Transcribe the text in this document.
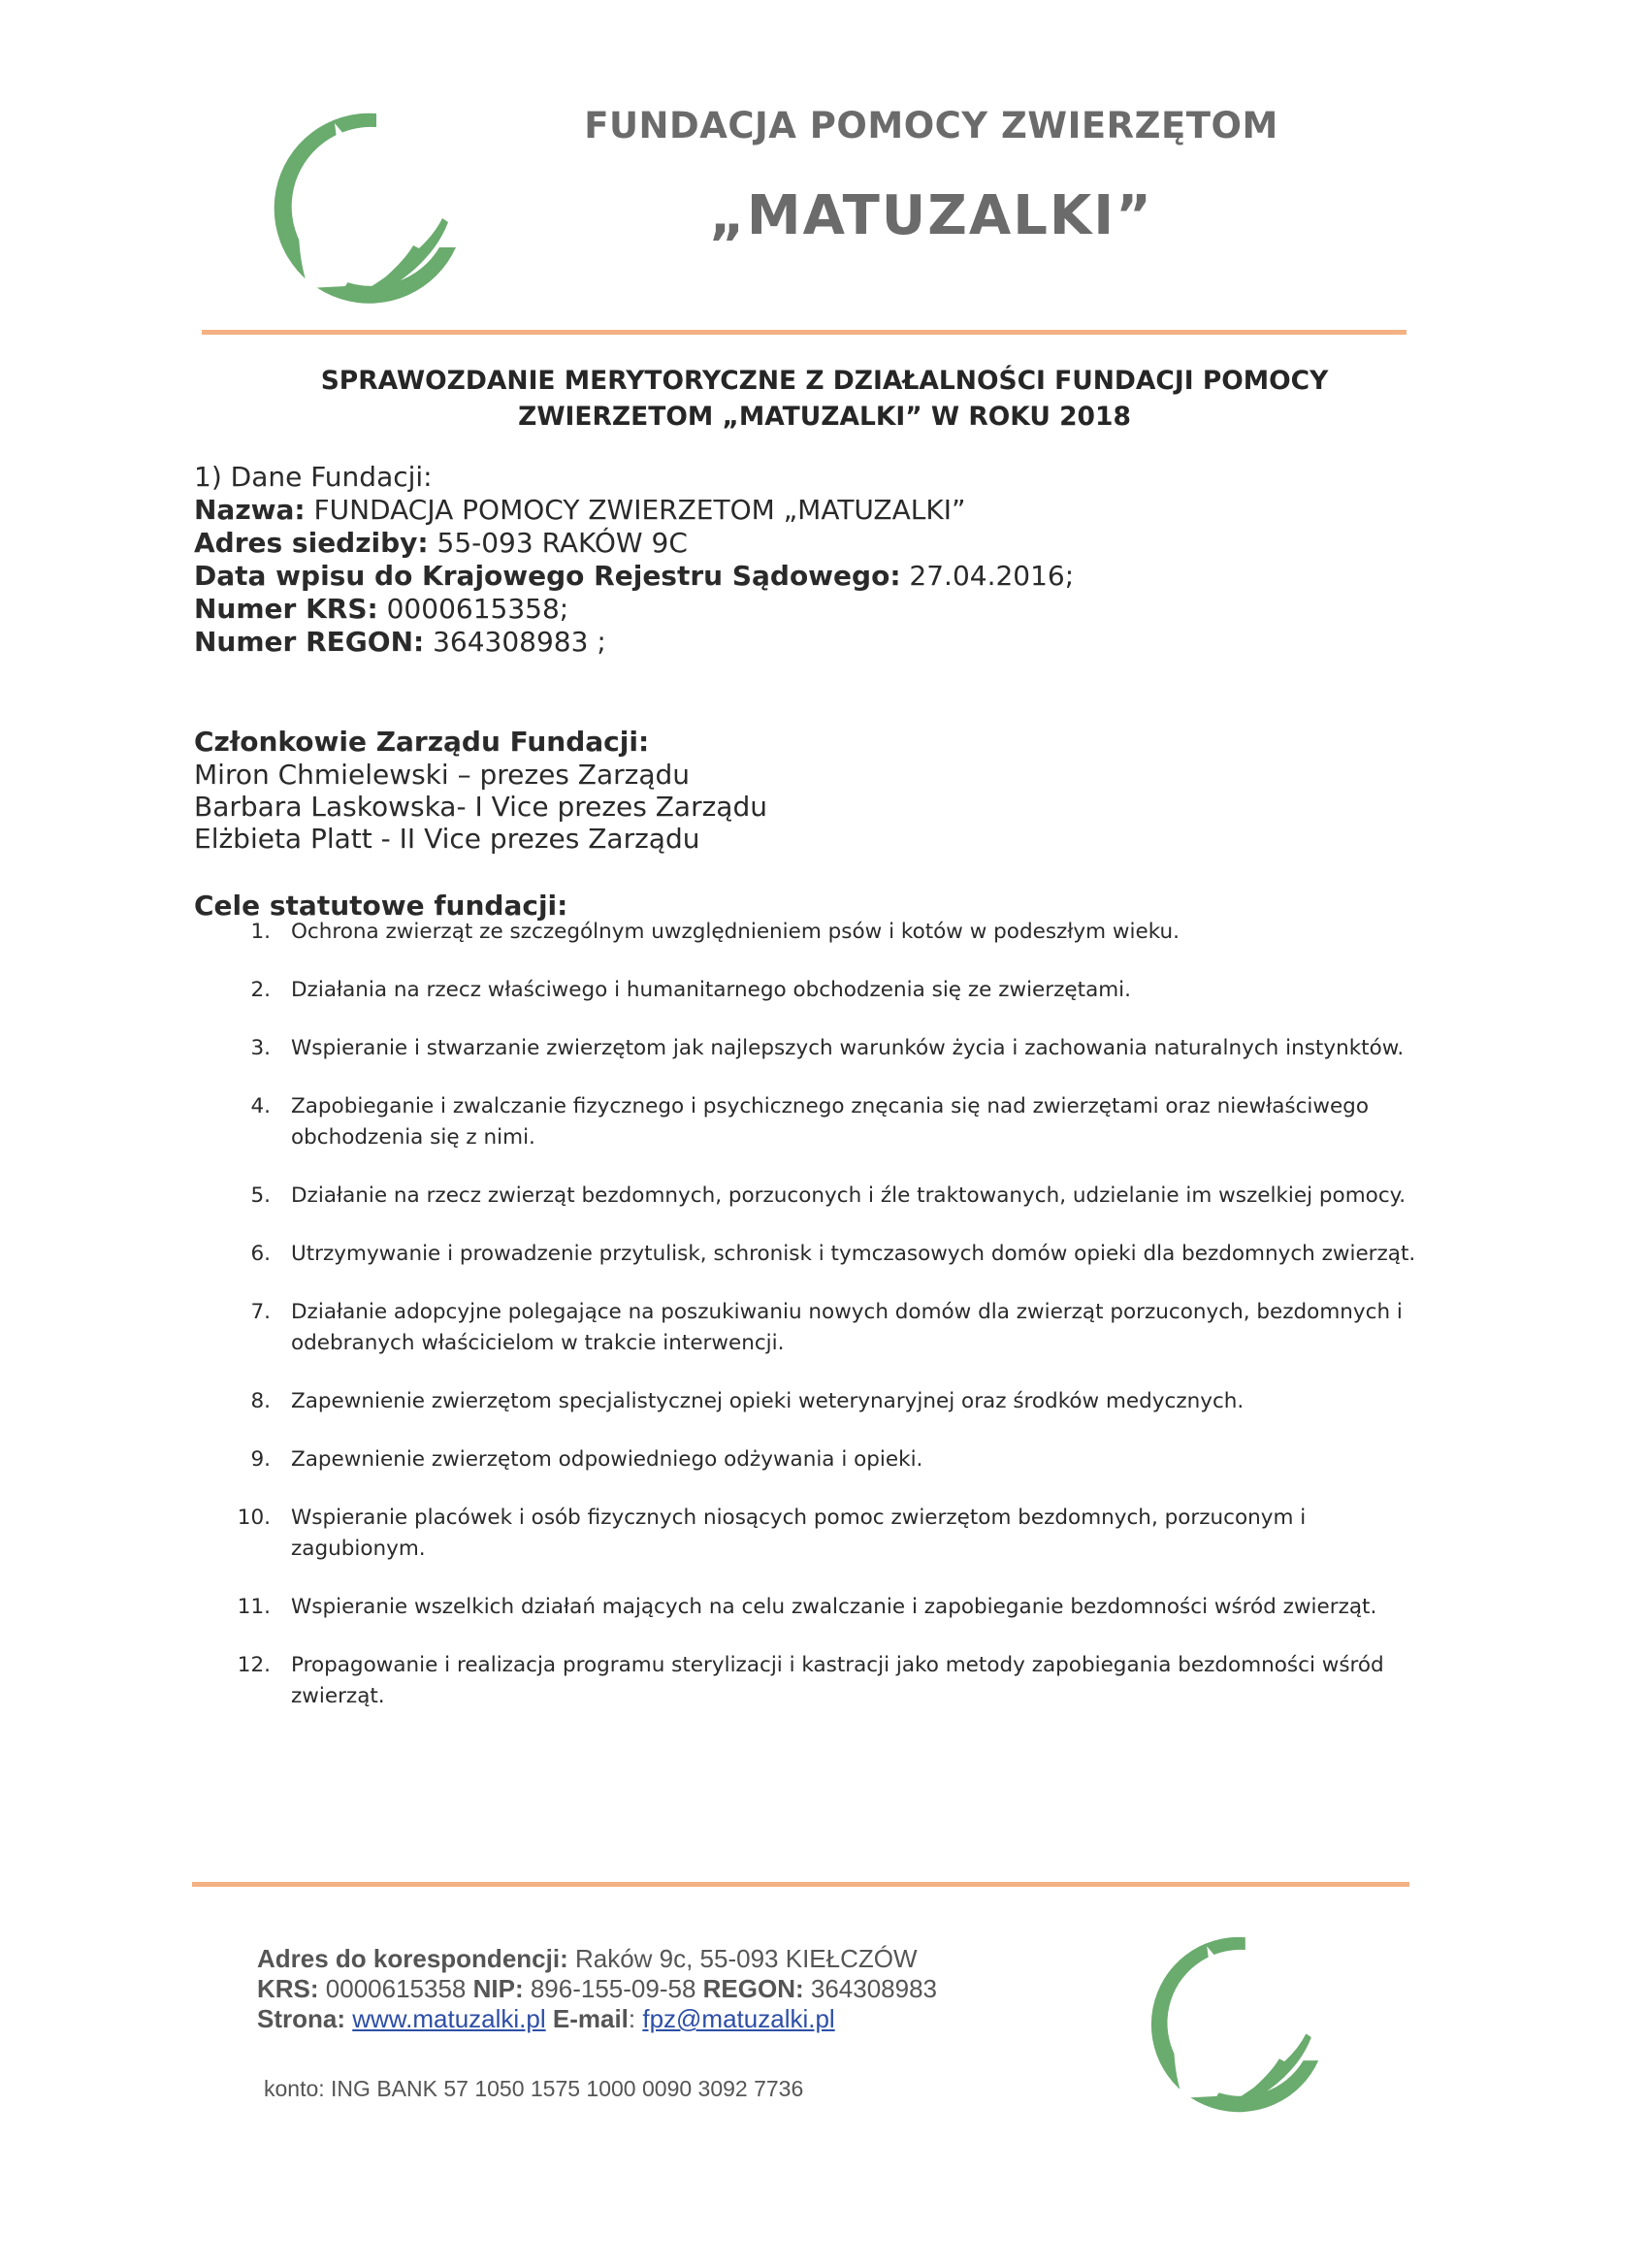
FUNDACJA POMOCY ZWIERZĘTOM
„MATUZALKI”
SPRAWOZDANIE MERYTORYCZNE Z DZIAŁALNOŚCI FUNDACJI POMOCY
ZWIERZETOM „MATUZALKI” W ROKU 2018
1) Dane Fundacji:
Nazwa: FUNDACJA POMOCY ZWIERZETOM „MATUZALKI”
Adres siedziby: 55-093 RAKÓW 9C
Data wpisu do Krajowego Rejestru Sądowego: 27.04.2016;
Numer KRS: 0000615358;
Numer REGON: 364308983 ;
Członkowie Zarządu Fundacji:
Miron Chmielewski – prezes Zarządu
Barbara Laskowska- I Vice prezes Zarządu
Elżbieta Platt - II Vice prezes Zarządu
Cele statutowe fundacji:
1. Ochrona zwierząt ze szczególnym uwzględnieniem psów i kotów w podeszłym wieku.
2. Działania na rzecz właściwego i humanitarnego obchodzenia się ze zwierzętami.
3. Wspieranie i stwarzanie zwierzętom jak najlepszych warunków życia i zachowania naturalnych instynktów.
4. Zapobieganie i zwalczanie fizycznego i psychicznego znęcania się nad zwierzętami oraz niewłaściwego obchodzenia się z nimi.
5. Działanie na rzecz zwierząt bezdomnych, porzuconych i źle traktowanych, udzielanie im wszelkiej pomocy.
6. Utrzymywanie i prowadzenie przytulisk, schronisk i tymczasowych domów opieki dla bezdomnych zwierząt.
7. Działanie adopcyjne polegające na poszukiwaniu nowych domów dla zwierząt porzuconych, bezdomnych i odebranych właścicielom w trakcie interwencji.
8. Zapewnienie zwierzętom specjalistycznej opieki weterynaryjnej oraz środków medycznych.
9. Zapewnienie zwierzętom odpowiedniego odżywania i opieki.
10. Wspieranie placówek i osób fizycznych niosących pomoc zwierzętom bezdomnych, porzuconym i zagubionym.
11. Wspieranie wszelkich działań mających na celu zwalczanie i zapobieganie bezdomności wśród zwierząt.
12. Propagowanie i realizacja programu sterylizacji i kastracji jako metody zapobiegania bezdomności wśród zwierząt.
Adres do korespondencji: Raków 9c, 55-093 KIEŁCZÓW
KRS: 0000615358 NIP: 896-155-09-58 REGON: 364308983
Strona: www.matuzalki.pl E-mail: fpz@matuzalki.pl
konto: ING BANK 57 1050 1575 1000 0090 3092 7736
